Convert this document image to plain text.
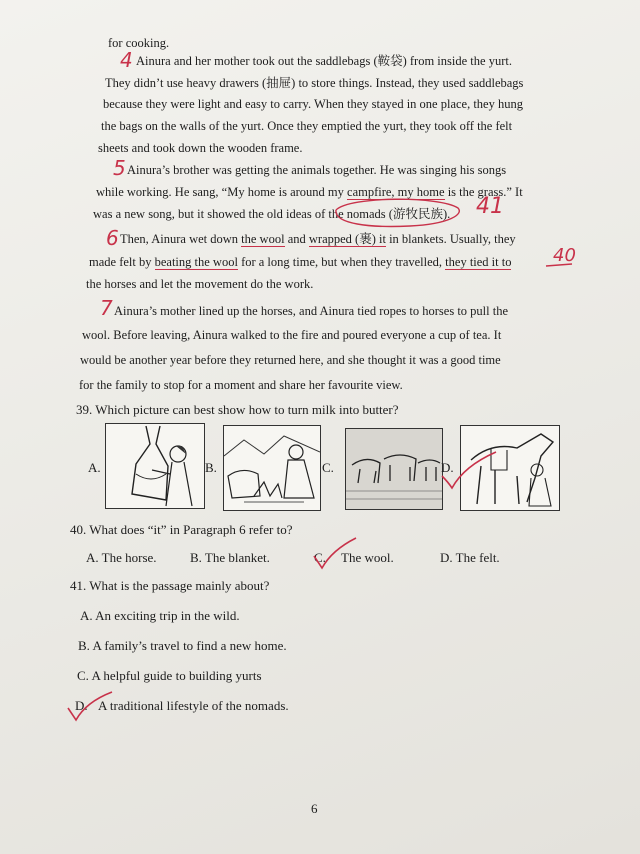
for cooking.
4 Ainura and her mother took out the saddlebags (鞍袋) from inside the yurt.
They didn’t use heavy drawers (抽屉) to store things. Instead, they used saddlebags
because they were light and easy to carry. When they stayed in one place, they hung
the bags on the walls of the yurt. Once they emptied the yurt, they took off the felt
sheets and took down the wooden frame.
5 Ainura’s brother was getting the animals together. He was singing his songs
while working. He sang, “My home is around my campfire, my home is the grass.” It
was a new song, but it showed the old ideas of the nomads (游牧民族). 41
6 Then, Ainura wet down the wool and wrapped (裹) it in blankets. Usually, they
made felt by beating the wool for a long time, but when they travelled, they tied it to 40
the horses and let the movement do the work.
7 Ainura’s mother lined up the horses, and Ainura tied ropes to horses to pull the
wool. Before leaving, Ainura walked to the fire and poured everyone a cup of tea. It
would be another year before they returned here, and she thought it was a good time
for the family to stop for a moment and share her favourite view.
39. Which picture can best show how to turn milk into butter?
A.	B.	C.	D.
40. What does “it” in Paragraph 6 refer to?
A. The horse.	B. The blanket.	C. The wool.	D. The felt.
41. What is the passage mainly about?
A. An exciting trip in the wild.
B. A family’s travel to find a new home.
C. A helpful guide to building yurts
D. A traditional lifestyle of the nomads.
6
